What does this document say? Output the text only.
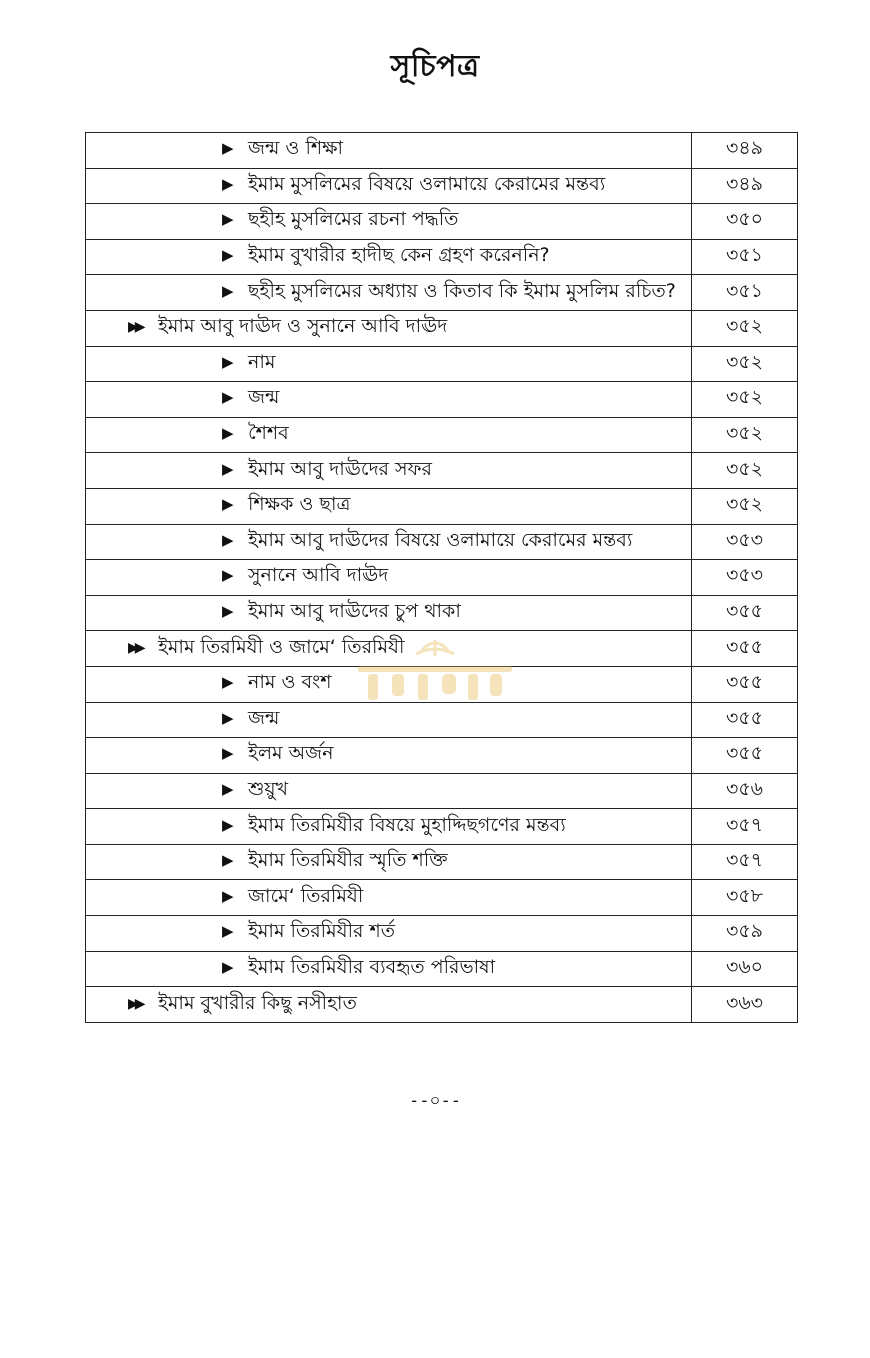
সূচিপত্র
▶ জন্ম ও শিক্ষা	৩৪৯

▶ ইমাম মুসলিমের বিষয়ে ওলামায়ে কেরামের মন্তব্য	৩৪৯

▶ ছহীহ মুসলিমের রচনা পদ্ধতি	৩৫০

▶ ইমাম বুখারীর হাদীছ কেন গ্রহণ করেননি?	৩৫১

▶ ছহীহ মুসলিমের অধ্যায় ও কিতাব কি ইমাম মুসলিম রচিত?	৩৫১

▶▶ ইমাম আবু দাঊদ ও সুনানে আবি দাঊদ	৩৫২

▶ নাম	৩৫২

▶ জন্ম	৩৫২

▶ শৈশব	৩৫২

▶ ইমাম আবু দাঊদের সফর	৩৫২

▶ শিক্ষক ও ছাত্র	৩৫২

▶ ইমাম আবু দাঊদের বিষয়ে ওলামায়ে কেরামের মন্তব্য	৩৫৩

▶ সুনানে আবি দাঊদ	৩৫৩

▶ ইমাম আবু দাঊদের চুপ থাকা	৩৫৫

▶▶ ইমাম তিরমিযী ও জামে‘ তিরমিযী	৩৫৫

▶ নাম ও বংশ	৩৫৫

▶ জন্ম	৩৫৫

▶ ইলম অর্জন	৩৫৫

▶ শুয়ুখ	৩৫৬

▶ ইমাম তিরমিযীর বিষয়ে মুহাদ্দিছগণের মন্তব্য	৩৫৭

▶ ইমাম তিরমিযীর স্মৃতি শক্তি	৩৫৭

▶ জামে‘ তিরমিযী	৩৫৮

▶ ইমাম তিরমিযীর শর্ত	৩৫৯

▶ ইমাম তিরমিযীর ব্যবহৃত পরিভাষা	৩৬০

▶▶ ইমাম বুখারীর কিছু নসীহাত	৩৬৩
--০--
